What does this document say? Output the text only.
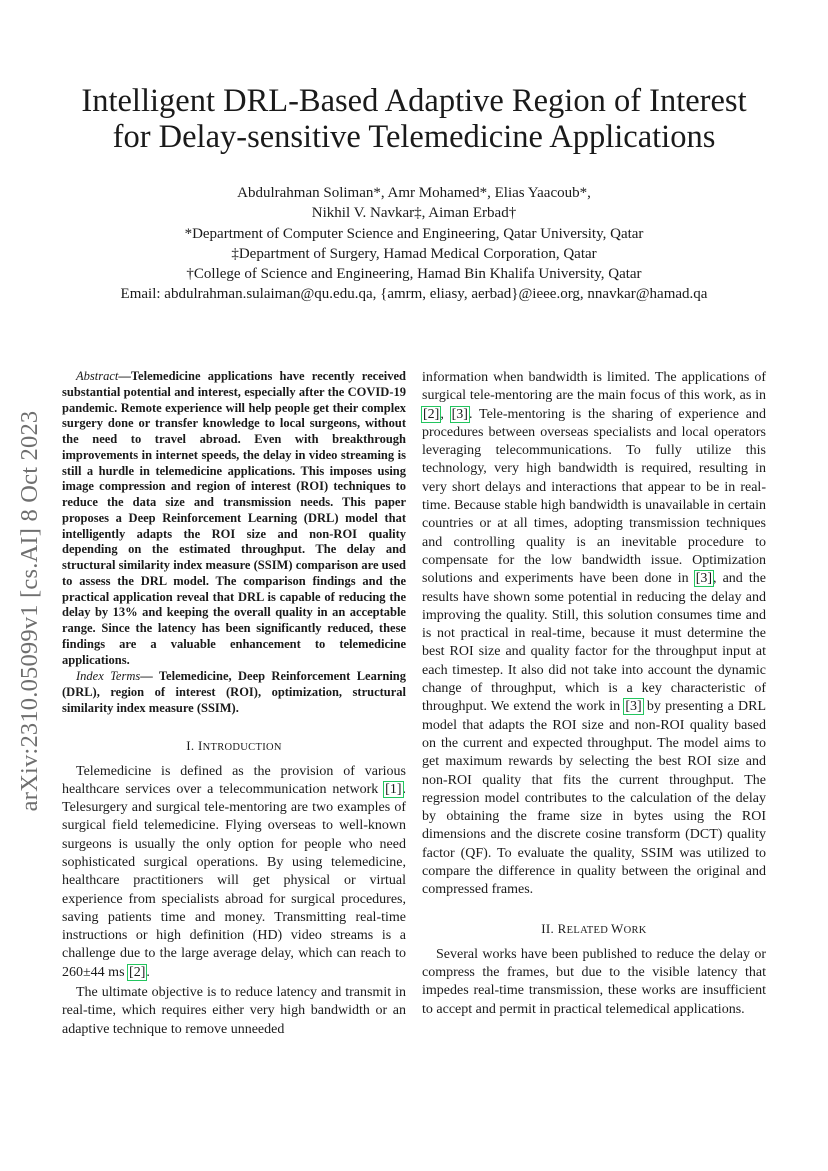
arXiv:2310.05099v1 [cs.AI] 8 Oct 2023
Intelligent DRL-Based Adaptive Region of Interest
for Delay-sensitive Telemedicine Applications
Abdulrahman Soliman*, Amr Mohamed*, Elias Yaacoub*,
Nikhil V. Navkar‡, Aiman Erbad†
*Department of Computer Science and Engineering, Qatar University, Qatar
‡Department of Surgery, Hamad Medical Corporation, Qatar
†College of Science and Engineering, Hamad Bin Khalifa University, Qatar
Email: abdulrahman.sulaiman@qu.edu.qa, {amrm, eliasy, aerbad}@ieee.org, nnavkar@hamad.qa

Abstract—Telemedicine applications have recently received substantial potential and interest, especially after the COVID-19 pandemic. Remote experience will help people get their complex surgery done or transfer knowledge to local surgeons, without the need to travel abroad. Even with breakthrough improvements in internet speeds, the delay in video streaming is still a hurdle in telemedicine applications. This imposes using image compression and region of interest (ROI) techniques to reduce the data size and transmission needs. This paper proposes a Deep Reinforcement Learning (DRL) model that intelligently adapts the ROI size and non-ROI quality depending on the estimated throughput. The delay and structural similarity index measure (SSIM) comparison are used to assess the DRL model. The comparison findings and the practical application reveal that DRL is capable of reducing the delay by 13% and keeping the overall quality in an acceptable range. Since the latency has been significantly reduced, these findings are a valuable enhancement to telemedicine applications.

Index Terms— Telemedicine, Deep Reinforcement Learning (DRL), region of interest (ROI), optimization, structural similarity index measure (SSIM).

I. INTRODUCTION

Telemedicine is defined as the provision of various healthcare services over a telecommunication network [1]. Telesurgery and surgical tele-mentoring are two examples of surgical field telemedicine. Flying overseas to well-known surgeons is usually the only option for people who need sophisticated surgical operations. By using telemedicine, healthcare practitioners will get physical or virtual experience from specialists abroad for surgical procedures, saving patients time and money. Transmitting real-time instructions or high definition (HD) video streams is a challenge due to the large average delay, which can reach to 260±44 ms [2].

The ultimate objective is to reduce latency and transmit in real-time, which requires either very high bandwidth or an adaptive technique to remove unneeded

information when bandwidth is limited. The applications of surgical tele-mentoring are the main focus of this work, as in [2], [3]. Tele-mentoring is the sharing of experience and procedures between overseas specialists and local operators leveraging telecommunications. To fully utilize this technology, very high bandwidth is required, resulting in very short delays and interactions that appear to be in real-time. Because stable high bandwidth is unavailable in certain countries or at all times, adopting transmission techniques and controlling quality is an inevitable procedure to compensate for the low bandwidth issue. Optimization solutions and experiments have been done in [3], and the results have shown some potential in reducing the delay and improving the quality. Still, this solution consumes time and is not practical in real-time, because it must determine the best ROI size and quality factor for the throughput input at each timestep. It also did not take into account the dynamic change of throughput, which is a key characteristic of throughput. We extend the work in [3] by presenting a DRL model that adapts the ROI size and non-ROI quality based on the current and expected throughput. The model aims to get maximum rewards by selecting the best ROI size and non-ROI quality that fits the current throughput. The regression model contributes to the calculation of the delay by obtaining the frame size in bytes using the ROI dimensions and the discrete cosine transform (DCT) quality factor (QF). To evaluate the quality, SSIM was utilized to compare the difference in quality between the original and compressed frames.

II. RELATED WORK

Several works have been published to reduce the delay or compress the frames, but due to the visible latency that impedes real-time transmission, these works are insufficient to accept and permit in practical telemedical applications.
